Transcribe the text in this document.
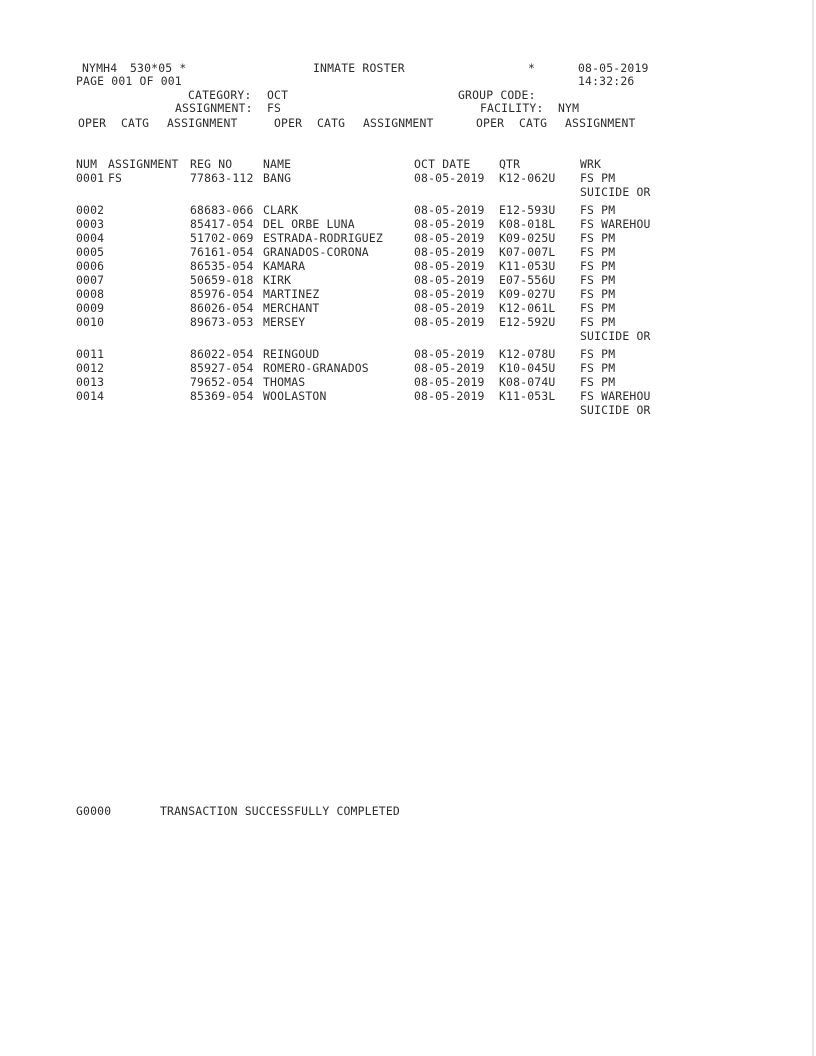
NYMH4 530*05 *	INMATE ROSTER	*	08-05-2019
PAGE 001 OF 001	14:32:26
CATEGORY: OCT	GROUP CODE:
ASSIGNMENT: FS	FACILITY: NYM
OPER CATG ASSIGNMENT	OPER CATG ASSIGNMENT	OPER CATG ASSIGNMENT
NUM ASSIGNMENT REG NO	NAME	OCT DATE	QTR	WRK
0001 FS	77863-112 BANG	08-05-2019 K12-062U FS PM
SUICIDE OR
0002	68683-066 CLARK	08-05-2019 E12-593U FS PM
0003	85417-054 DEL ORBE LUNA	08-05-2019 K08-018L FS WAREHOU
0004	51702-069 ESTRADA-RODRIGUEZ	08-05-2019 K09-025U FS PM
0005	76161-054 GRANADOS-CORONA	08-05-2019 K07-007L FS PM
0006	86535-054 KAMARA	08-05-2019 K11-053U FS PM
0007	50659-018 KIRK	08-05-2019 E07-556U FS PM
0008	85976-054 MARTINEZ	08-05-2019 K09-027U FS PM
0009	86026-054 MERCHANT	08-05-2019 K12-061L FS PM
0010	89673-053 MERSEY	08-05-2019 E12-592U FS PM
SUICIDE OR
0011	86022-054 REINGOUD	08-05-2019 K12-078U FS PM
0012	85927-054 ROMERO-GRANADOS	08-05-2019 K10-045U FS PM
0013	79652-054 THOMAS	08-05-2019 K08-074U FS PM
0014	85369-054 WOOLASTON	08-05-2019 K11-053L FS WAREHOU
SUICIDE OR
G0000	TRANSACTION SUCCESSFULLY COMPLETED
